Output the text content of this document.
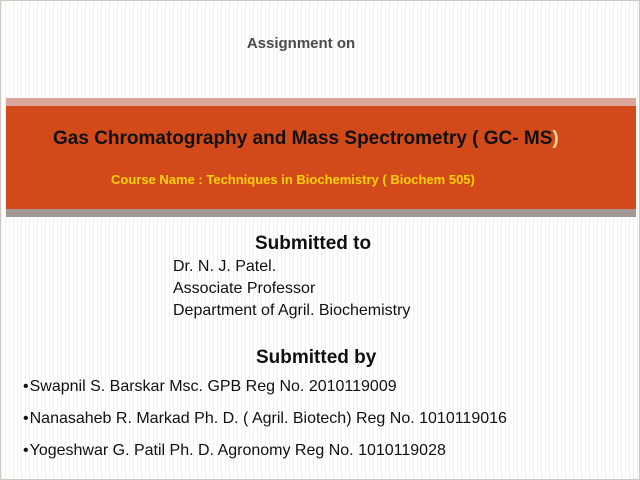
Assignment on
Gas Chromatography and Mass Spectrometry ( GC- MS)
Course Name : Techniques in Biochemistry ( Biochem 505)
Submitted to
Dr. N. J. Patel.
Associate Professor
Department of Agril. Biochemistry
Submitted by
•Swapnil S. Barskar Msc. GPB Reg No. 2010119009
•Nanasaheb R. Markad Ph. D. ( Agril. Biotech) Reg No. 1010119016
•Yogeshwar G. Patil Ph. D. Agronomy Reg No. 1010119028
